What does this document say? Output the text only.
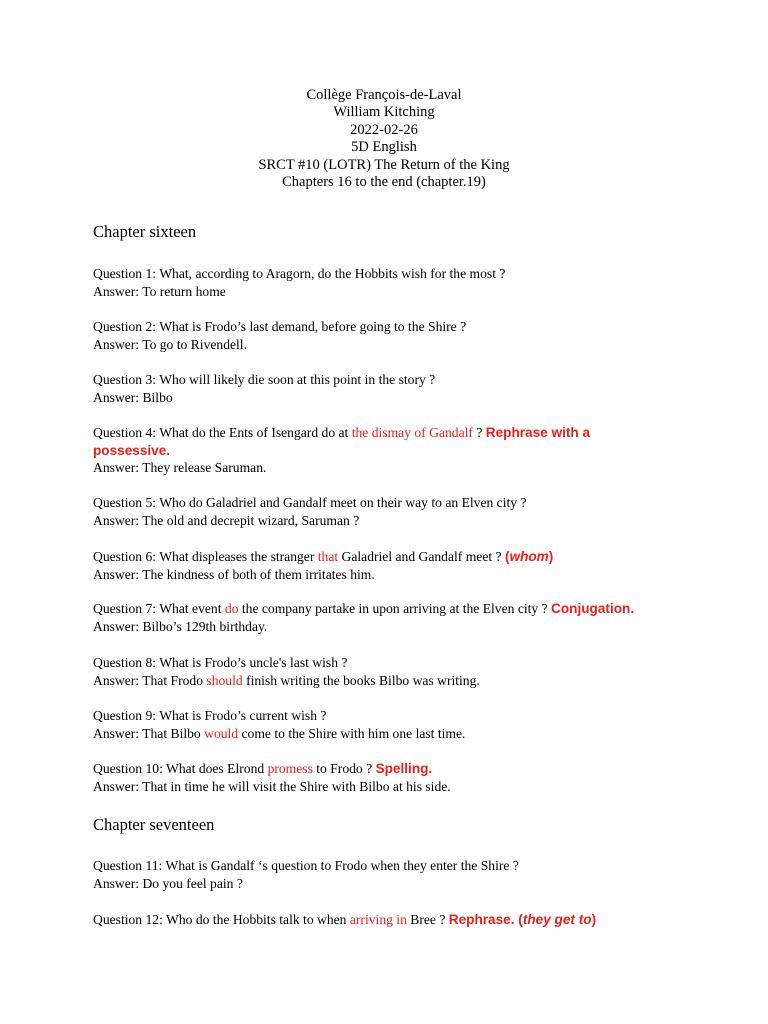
Collège François-de-Laval
William Kitching
2022-02-26
5D English
SRCT #10 (LOTR) The Return of the King
Chapters 16 to the end (chapter.19)
Chapter sixteen
Question 1: What, according to Aragorn, do the Hobbits wish for the most ?
Answer: To return home
Question 2: What is Frodo’s last demand, before going to the Shire ?
Answer: To go to Rivendell.
Question 3: Who will likely die soon at this point in the story ?
Answer: Bilbo
Question 4: What do the Ents of Isengard do at the dismay of Gandalf ? Rephrase with a possessive.
Answer: They release Saruman.
Question 5: Who do Galadriel and Gandalf meet on their way to an Elven city ?
Answer: The old and decrepit wizard, Saruman ?
Question 6: What displeases the stranger that Galadriel and Gandalf meet ? (whom)
Answer: The kindness of both of them irritates him.
Question 7: What event do the company partake in upon arriving at the Elven city ? Conjugation.
Answer: Bilbo’s 129th birthday.
Question 8: What is Frodo’s uncle's last wish ?
Answer: That Frodo should finish writing the books Bilbo was writing.
Question 9: What is Frodo’s current wish ?
Answer: That Bilbo would come to the Shire with him one last time.
Question 10: What does Elrond promess to Frodo ? Spelling.
Answer: That in time he will visit the Shire with Bilbo at his side.
Chapter seventeen
Question 11: What is Gandalf ‘s question to Frodo when they enter the Shire ?
Answer: Do you feel pain ?
Question 12: Who do the Hobbits talk to when arriving in Bree ? Rephrase. (they get to)
